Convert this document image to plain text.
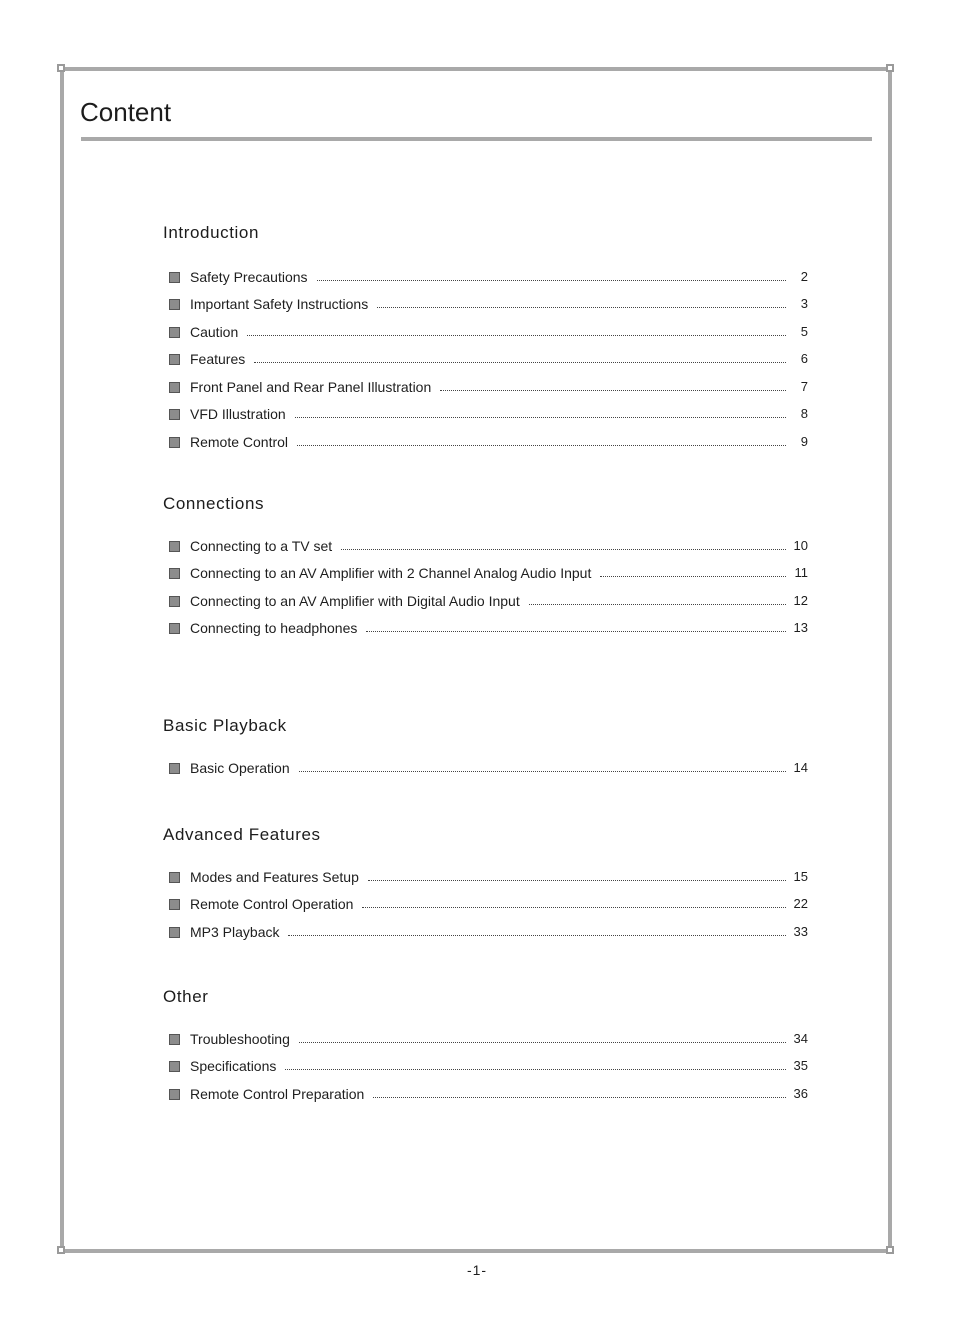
Content
Introduction
Safety Precautions	2
Important Safety Instructions	3
Caution	5
Features	6
Front Panel and Rear Panel Illustration	7
VFD Illustration	8
Remote Control	9
Connections
Connecting to a TV set	10
Connecting to an AV Amplifier with 2 Channel Analog Audio Input	11
Connecting to an AV Amplifier with Digital Audio Input	12
Connecting to headphones	13
Basic Playback
Basic Operation	14
Advanced Features
Modes and Features Setup	15
Remote Control Operation	22
MP3 Playback	33
Other
Troubleshooting	34
Specifications	35
Remote Control Preparation	36
-1-
